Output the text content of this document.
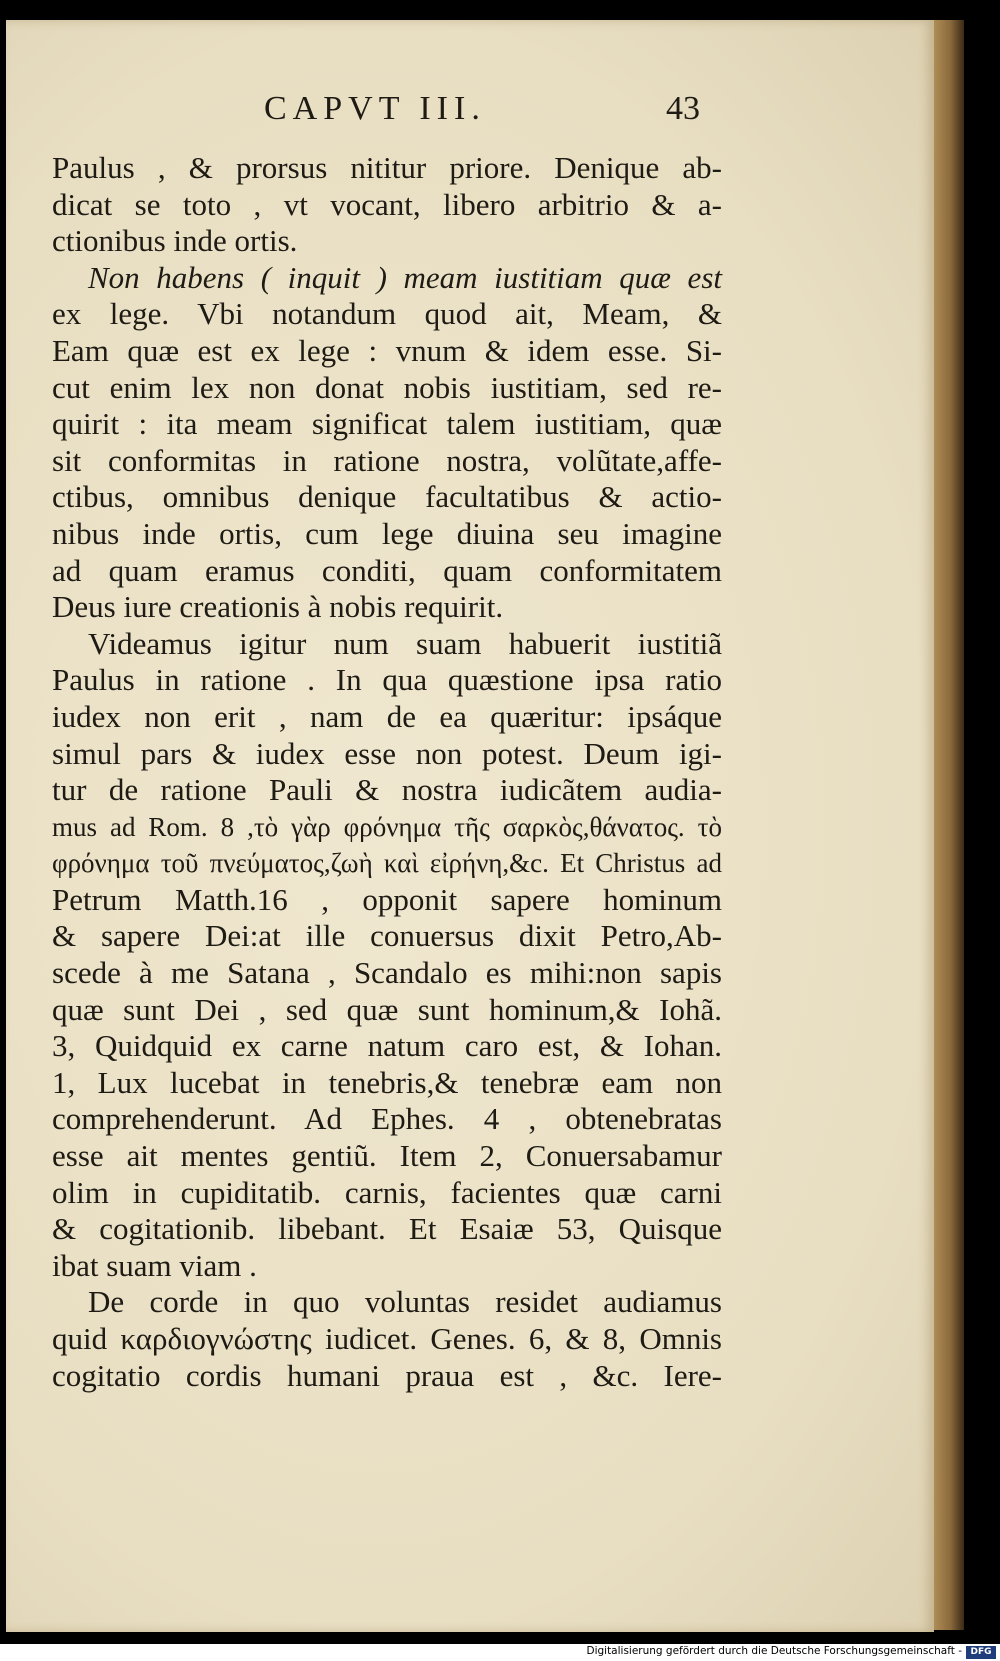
CAPVT III.	43
Paulus , & prorsus nititur priore. Denique ab-
dicat se toto , vt vocant, libero arbitrio & a-
ctionibus inde ortis.
Non habens ( inquit ) meam iustitiam quæ est
ex lege. Vbi notandum quod ait, Meam, &
Eam quæ est ex lege : vnum & idem esse. Si-
cut enim lex non donat nobis iustitiam, sed re-
quirit : ita meam significat talem iustitiam, quæ
sit conformitas in ratione nostra, volũtate,affe-
ctibus, omnibus denique facultatibus & actio-
nibus inde ortis, cum lege diuina seu imagine
ad quam eramus conditi, quam conformitatem
Deus iure creationis à nobis requirit.
Videamus igitur num suam habuerit iustitiã
Paulus in ratione . In qua quæstione ipsa ratio
iudex non erit , nam de ea quæritur: ipsáque
simul pars & iudex esse non potest. Deum igi-
tur de ratione Pauli & nostra iudicãtem audia-
mus ad Rom. 8 ,τὸ γὰρ φρόνημα τῆς σαρκὸς,θάνατος. τὸ
φρόνημα τοῦ πνεύματος,ζωὴ καὶ εἰρήνη,&c. Et Christus ad
Petrum Matth.16 , opponit sapere hominum
& sapere Dei:at ille conuersus dixit Petro,Ab-
scede à me Satana , Scandalo es mihi:non sapis
quæ sunt Dei , sed quæ sunt hominum,& Iohã.
3, Quidquid ex carne natum caro est, & Iohan.
1, Lux lucebat in tenebris,& tenebræ eam non
comprehenderunt. Ad Ephes. 4 , obtenebratas
esse ait mentes gentiũ. Item 2, Conuersabamur
olim in cupiditatib. carnis, facientes quæ carni
& cogitationib. libebant. Et Esaiæ 53, Quisque
ibat suam viam .
De corde in quo voluntas residet audiamus
quid καρδιογνώστης iudicet. Genes. 6, & 8, Omnis
cogitatio cordis humani praua est , &c. Iere-
Digitalisierung gefördert durch die Deutsche Forschungsgemeinschaft - DFG
